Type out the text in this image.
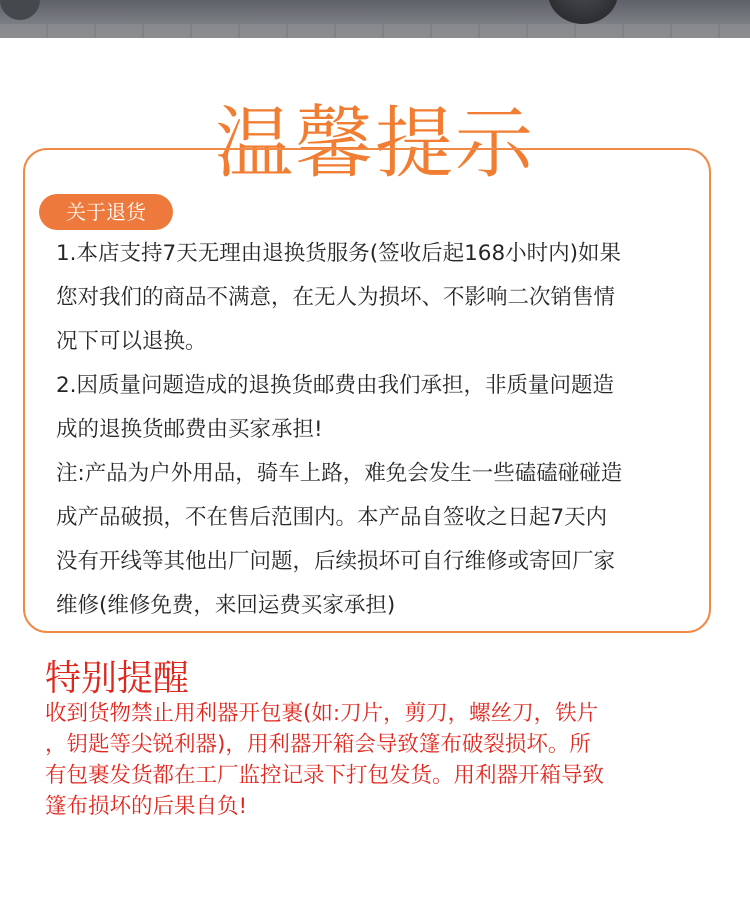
温馨提示
关于退货

1.本店支持7天无理由退换货服务(签收后起168小时内)如果

您对我们的商品不满意，在无人为损坏、不影响二次销售情

况下可以退换。

2.因质量问题造成的退换货邮费由我们承担，非质量问题造

成的退换货邮费由买家承担!

注:产品为户外用品，骑车上路，难免会发生一些磕磕碰碰造

成产品破损，不在售后范围内。本产品自签收之日起7天内

没有开线等其他出厂问题，后续损坏可自行维修或寄回厂家

维修(维修免费，来回运费买家承担)

特别提醒

收到货物禁止用利器开包裹(如:刀片，剪刀，螺丝刀，铁片

，钥匙等尖锐利器)，用利器开箱会导致篷布破裂损坏。所

有包裹发货都在工厂监控记录下打包发货。用利器开箱导致

篷布损坏的后果自负!
